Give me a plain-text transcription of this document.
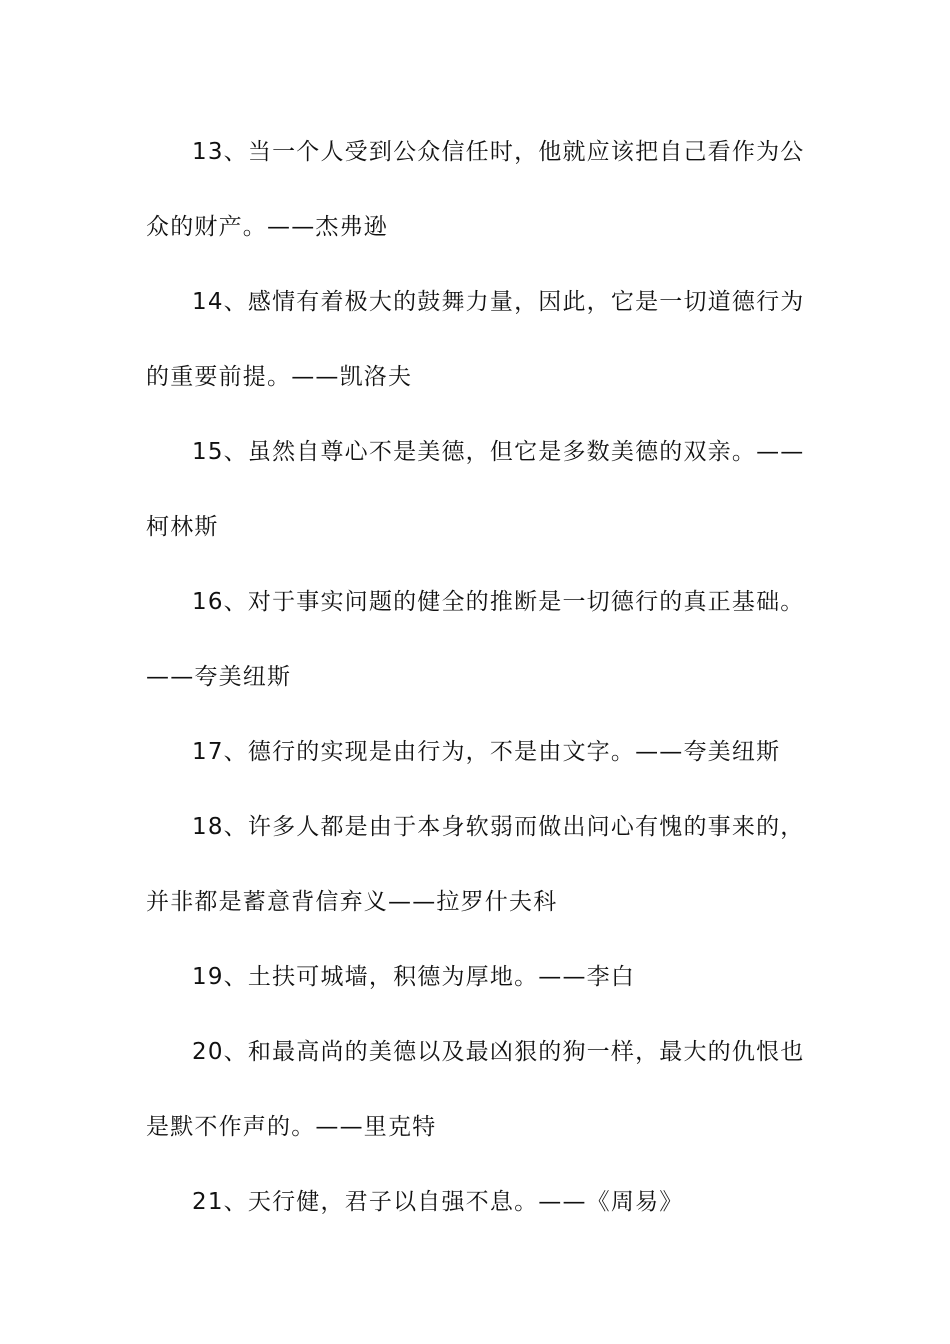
13、当一个人受到公众信任时，他就应该把自己看作为公
众的财产。——杰弗逊
14、感情有着极大的鼓舞力量，因此，它是一切道德行为
的重要前提。——凯洛夫
15、虽然自尊心不是美德，但它是多数美德的双亲。——
柯林斯
16、对于事实问题的健全的推断是一切德行的真正基础。
——夸美纽斯
17、德行的实现是由行为，不是由文字。——夸美纽斯
18、许多人都是由于本身软弱而做出问心有愧的事来的，
并非都是蓄意背信弃义——拉罗什夫科
19、土扶可城墙，积德为厚地。——李白
20、和最高尚的美德以及最凶狠的狗一样，最大的仇恨也
是默不作声的。——里克特
21、天行健，君子以自强不息。——《周易》
